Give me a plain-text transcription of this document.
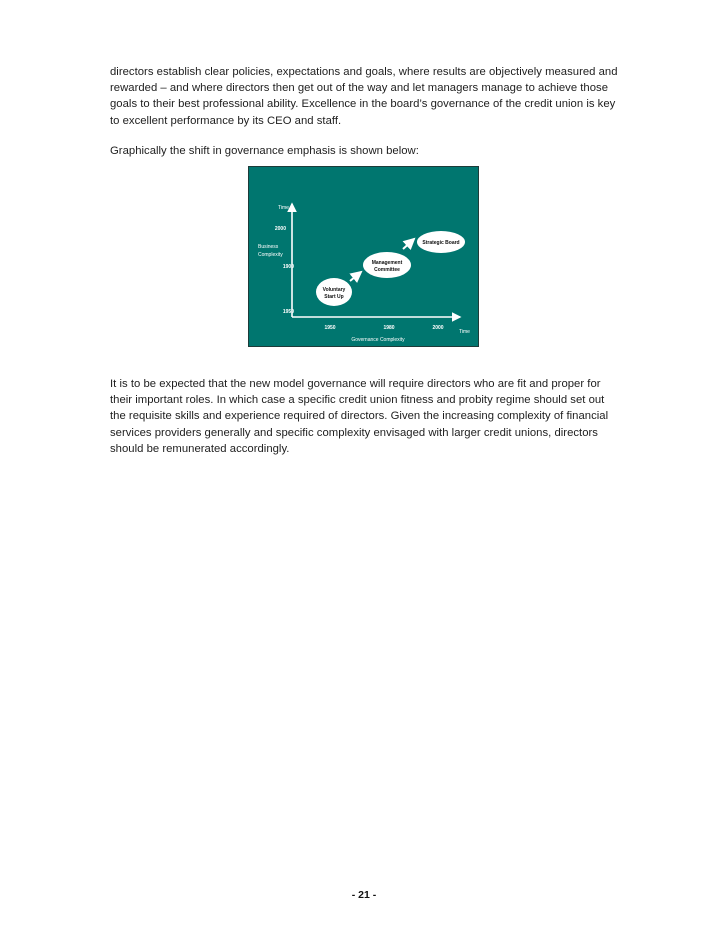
directors establish clear policies, expectations and goals, where results are objectively measured and
rewarded – and where directors then get out of the way and let managers manage to achieve those
goals to their best professional ability. Excellence in the board’s governance of the credit union is key
to excellent performance by its CEO and staff.

Graphically the shift in governance emphasis is shown below:

Time
Business
Complexity
2000
1900
1950
1950	1980	2000
Time
Governance Complexity
Voluntary
Start Up
Management
Committee
Strategic Board

It is to be expected that the new model governance will require directors who are fit and proper for
their important roles. In which case a specific credit union fitness and probity regime should set out
the requisite skills and experience required of directors. Given the increasing complexity of financial
services providers generally and specific complexity envisaged with larger credit unions, directors
should be remunerated accordingly.

- 21 -
